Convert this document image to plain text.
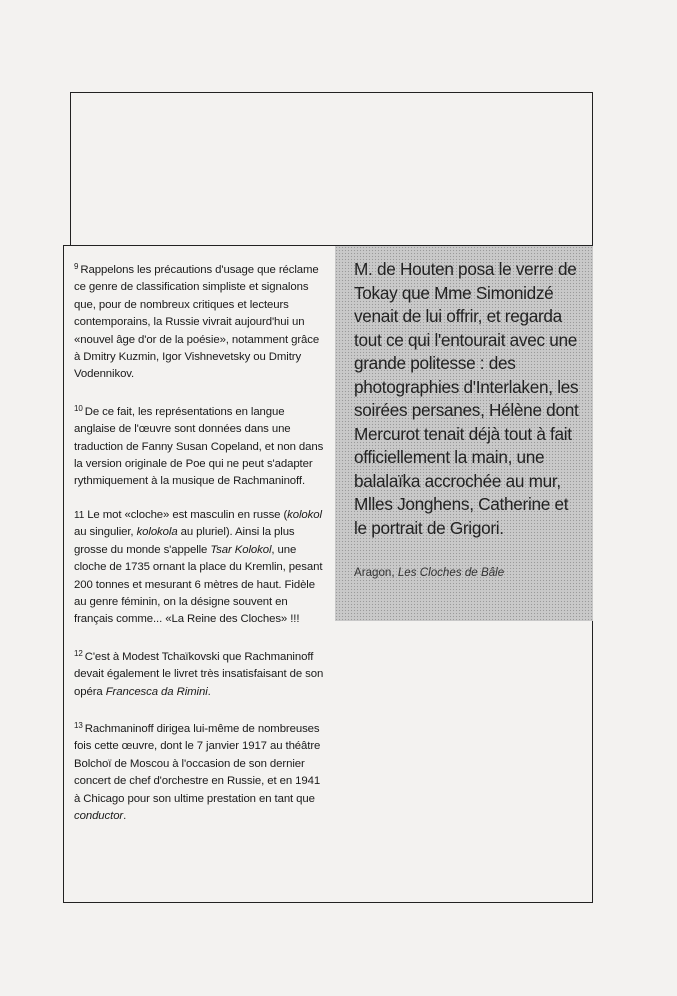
$^9$ Rappelons les précautions d'usage que réclame ce genre de classification simpliste et signalons que, pour de nombreux critiques et lecteurs contemporains, la Russie vivrait aujourd'hui un «nouvel âge d'or de la poésie», notamment grâce à Dmitry Kuzmin, Igor Vishnevetsky ou Dmitry Vodennikov.

$^{10}$ De ce fait, les représentations en langue anglaise de l'œuvre sont données dans une traduction de Fanny Susan Copeland, et non dans la version originale de Poe qui ne peut s'adapter rythmiquement à la musique de Rachmaninoff.

11 Le mot «cloche» est masculin en russe (kolokol au singulier, kolokola au pluriel). Ainsi la plus grosse du monde s'appelle Tsar Kolokol, une cloche de 1735 ornant la place du Kremlin, pesant 200 tonnes et mesurant 6 mètres de haut. Fidèle au genre féminin, on la désigne souvent en français comme... «La Reine des Cloches» !!!

$^{12}$ C'est à Modest Tchaïkovski que Rachmaninoff devait également le livret très insatisfaisant de son opéra Francesca da Rimini.

$^{13}$ Rachmaninoff dirigea lui-même de nombreuses fois cette œuvre, dont le 7 janvier 1917 au théâtre Bolchoï de Moscou à l'occasion de son dernier concert de chef d'orchestre en Russie, et en 1941 à Chicago pour son ultime prestation en tant que conductor.

M. de Houten posa le verre de Tokay que Mme Simonidzé venait de lui offrir, et regarda tout ce qui l'entourait avec une grande politesse : des photographies d'Interlaken, les soirées persanes, Hélène dont Mercurot tenait déjà tout à fait officiellement la main, une balalaïka accrochée au mur, Mlles Jonghens, Catherine et le portrait de Grigori.
Aragon, Les Cloches de Bâle
